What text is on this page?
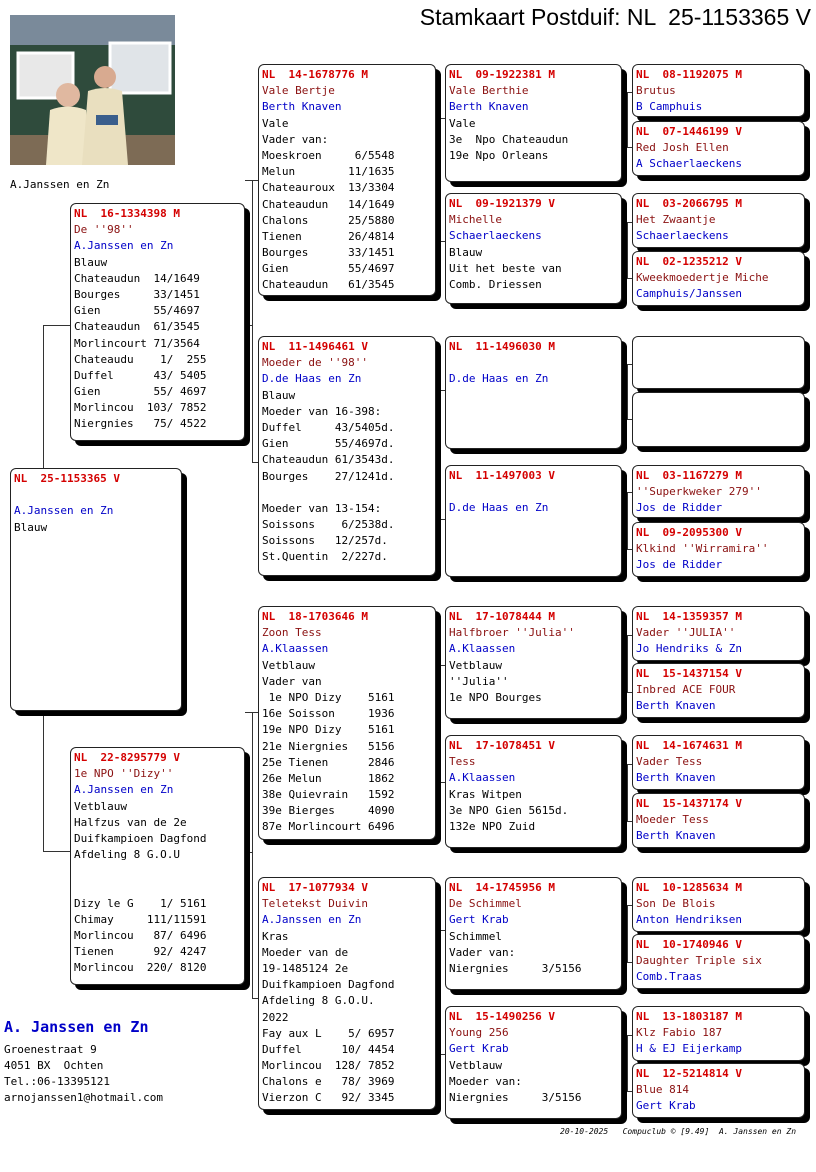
Stamkaart Postduif: NL  25-1153365 V
A.Janssen en Zn
NL  25-1153365 V
A.Janssen en Zn
Blauw
NL  16-1334398 M
De ''98''
A.Janssen en Zn
Blauw
Chateaudun  14/1649
Bourges     33/1451
Gien        55/4697
Chateaudun  61/3545
Morlincourt 71/3564
Chateaudu    1/  255
Duffel      43/ 5405
Gien        55/ 4697
Morlincou  103/ 7852
Niergnies   75/ 4522
NL  22-8295779 V
1e NPO ''Dizy''
A.Janssen en Zn
Vetblauw
Halfzus van de 2e
Duifkampioen Dagfond
Afdeling 8 G.O.U
Dizy le G    1/ 5161
Chimay     111/11591
Morlincou   87/ 6496
Tienen      92/ 4247
Morlincou  220/ 8120
NL  14-1678776 M
Vale Bertje
Berth Knaven
Vale
Vader van:
Moeskroen     6/5548
Melun        11/1635
Chateauroux  13/3304
Chateaudun   14/1649
Chalons      25/5880
Tienen       26/4814
Bourges      33/1451
Gien         55/4697
Chateaudun   61/3545
NL  11-1496461 V
Moeder de ''98''
D.de Haas en Zn
Blauw
Moeder van 16-398:
Duffel     43/5405d.
Gien       55/4697d.
Chateaudun 61/3543d.
Bourges    27/1241d.
Moeder van 13-154:
Soissons    6/2538d.
Soissons   12/257d.
St.Quentin  2/227d.
NL  18-1703646 M
Zoon Tess
A.Klaassen
Vetblauw
Vader van
1e NPO Dizy    5161
16e Soisson     1936
19e NPO Dizy    5161
21e Niergnies   5156
25e Tienen      2846
26e Melun       1862
38e Quievrain   1592
39e Bierges     4090
87e Morlincourt 6496
NL  17-1077934 V
Teletekst Duivin
A.Janssen en Zn
Kras
Moeder van de
19-1485124 2e
Duifkampioen Dagfond
Afdeling 8 G.O.U.
2022
Fay aux L    5/ 6957
Duffel      10/ 4454
Morlincou  128/ 7852
Chalons e   78/ 3969
Vierzon C   92/ 3345
NL  09-1922381 M
Vale Berthie
Berth Knaven
Vale
3e  Npo Chateaudun
19e Npo Orleans
NL  09-1921379 V
Michelle
Schaerlaeckens
Blauw
Uit het beste van
Comb. Driessen
NL  11-1496030 M
D.de Haas en Zn
NL  11-1497003 V
D.de Haas en Zn
NL  17-1078444 M
Halfbroer ''Julia''
A.Klaassen
Vetblauw
''Julia''
1e NPO Bourges
NL  17-1078451 V
Tess
A.Klaassen
Kras Witpen
3e NPO Gien 5615d.
132e NPO Zuid
NL  14-1745956 M
De Schimmel
Gert Krab
Schimmel
Vader van:
Niergnies     3/5156
NL  15-1490256 V
Young 256
Gert Krab
Vetblauw
Moeder van:
Niergnies     3/5156
NL  08-1192075 M
Brutus
B Camphuis
NL  07-1446199 V
Red Josh Ellen
A Schaerlaeckens
NL  03-2066795 M
Het Zwaantje
Schaerlaeckens
NL  02-1235212 V
Kweekmoedertje Miche
Camphuis/Janssen
NL  03-1167279 M
''Superkweker 279''
Jos de Ridder
NL  09-2095300 V
Klkind ''Wirramira''
Jos de Ridder
NL  14-1359357 M
Vader ''JULIA''
Jo Hendriks & Zn
NL  15-1437154 V
Inbred ACE FOUR
Berth Knaven
NL  14-1674631 M
Vader Tess
Berth Knaven
NL  15-1437174 V
Moeder Tess
Berth Knaven
NL  10-1285634 M
Son De Blois
Anton Hendriksen
NL  10-1740946 V
Daughter Triple six
Comb.Traas
NL  13-1803187 M
Klz Fabio 187
H & EJ Eijerkamp
NL  12-5214814 V
Blue 814
Gert Krab
A. Janssen en Zn
Groenestraat 9
4051 BX  Ochten
Tel.:06-13395121
arnojanssen1@hotmail.com
20-10-2025   Compuclub © [9.49]  A. Janssen en Zn
